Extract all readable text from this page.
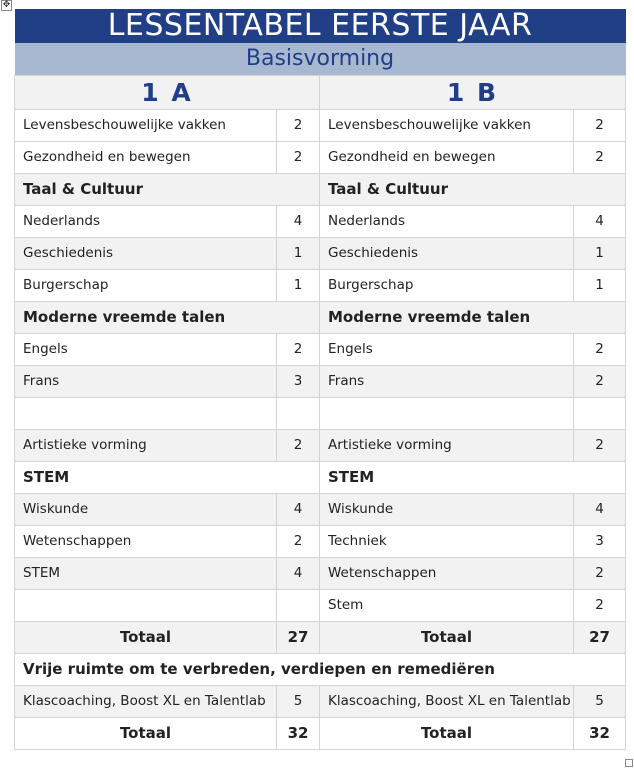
✥
LESSENTABEL EERSTE JAAR			
Basisvorming			
1 A		1 B	
Levensbeschouwelijke vakken	2	Levensbeschouwelijke vakken	2
Gezondheid en bewegen	2	Gezondheid en bewegen	2
Taal & Cultuur		Taal & Cultuur	
Nederlands	4	Nederlands	4
Geschiedenis	1	Geschiedenis	1
Burgerschap	1	Burgerschap	1
Moderne vreemde talen		Moderne vreemde talen	
Engels	2	Engels	2
Frans	3	Frans	2

Artistieke vorming	2	Artistieke vorming	2
STEM		STEM	
Wiskunde	4	Wiskunde	4
Wetenschappen	2	Techniek	3
STEM	4	Wetenschappen	2
		Stem	2
Totaal	27	Totaal	27
Vrije ruimte om te verbreden, verdiepen en remediëren			
Klascoaching, Boost XL en Talentlab	5	Klascoaching, Boost XL en Talentlab	5
Totaal	32	Totaal	32
